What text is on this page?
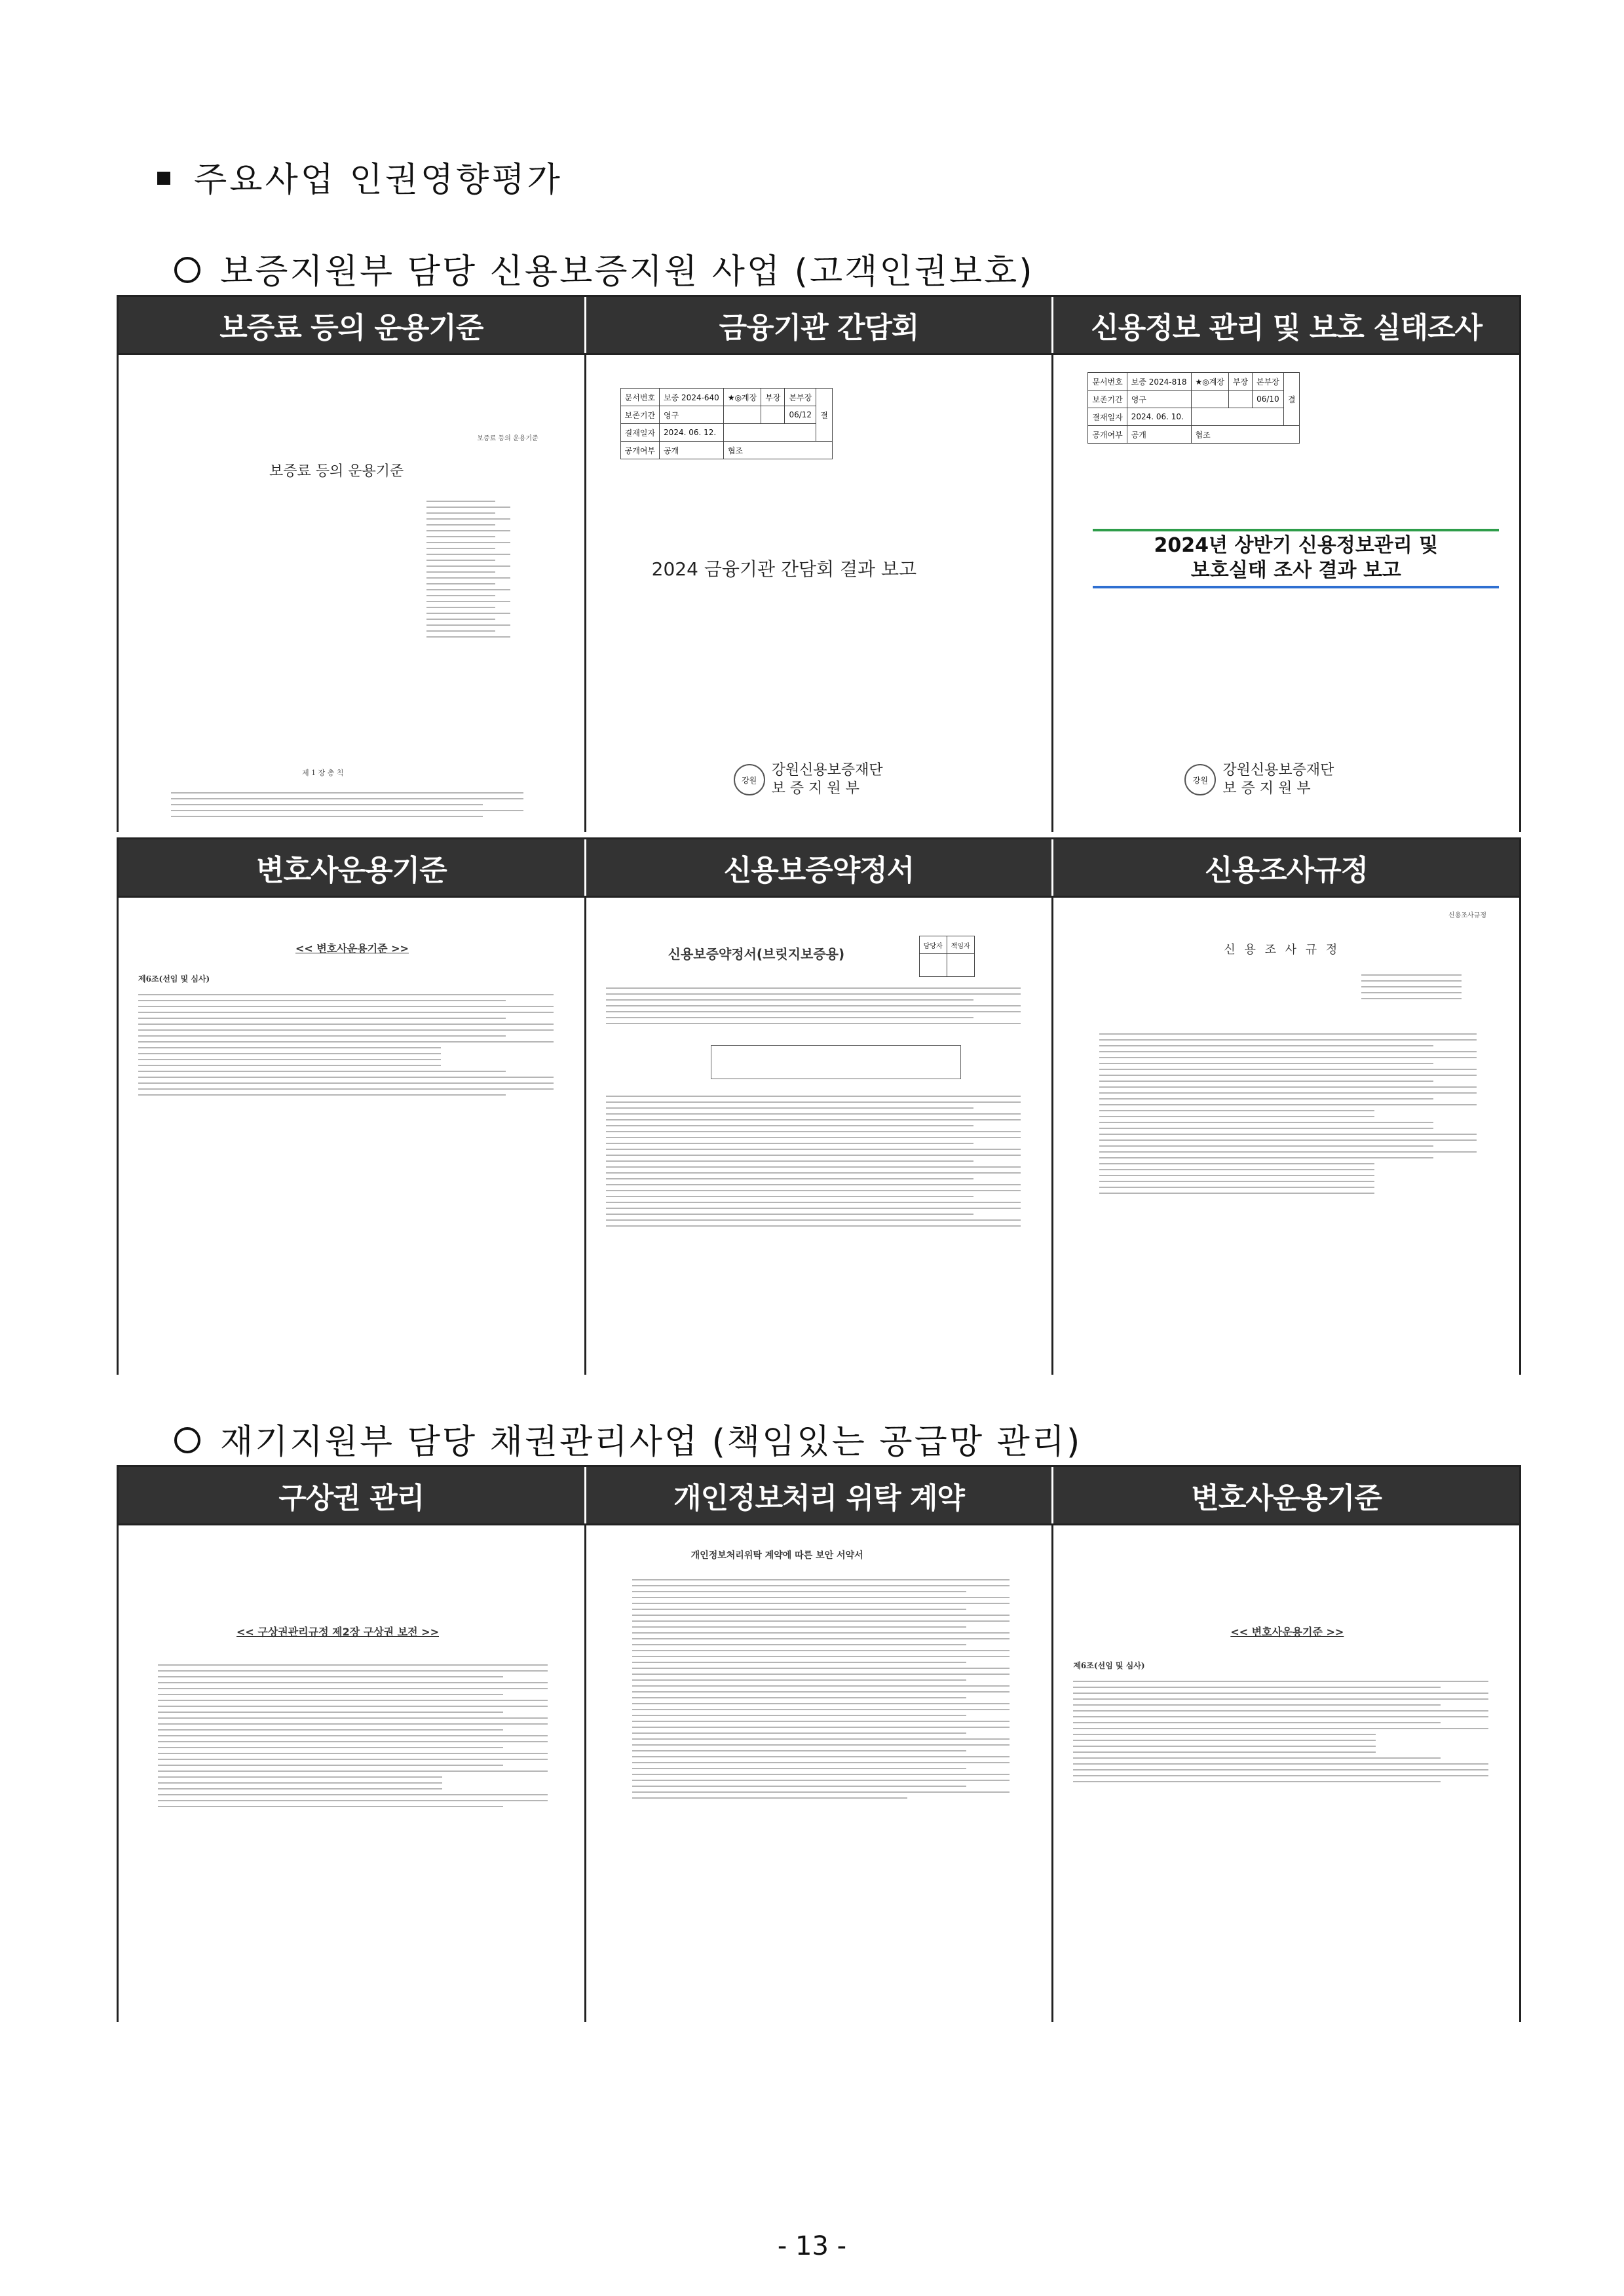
주요사업 인권영향평가
보증지원부 담당 신용보증지원 사업 (고객인권보호)
보증료 등의 운용기준	금융기관 간담회	신용정보 관리 및 보호 실태조사
보증료 등의 운용기준
보증료 등의 운용기준
제 1 장 총 칙
문서번호	보증 2024-640	★◎계장	부장	본부장	결
보존기간	영구			06/12	
결재일자	2024. 06. 12.				
공개여부	공개	협조			
2024 금융기관 간담회 결과 보고
강원
강원신용보증재단
보 증 지 원 부
문서번호	보증 2024-818	★◎계장	부장	본부장	결
보존기간	영구			06/10	
결재일자	2024. 06. 10.				
공개여부	공개	협조			
2024년 상반기 신용정보관리 및
보호실태 조사 결과 보고
강원
강원신용보증재단
보 증 지 원 부
변호사운용기준	신용보증약정서	신용조사규정
<< 변호사운용기준 >>
제6조(선임 및 심사)
신용보증약정서(브릿지보증용)	담당자	책임자

신용조사규정
신 용 조 사 규 정
재기지원부 담당 채권관리사업 (책임있는 공급망 관리)
구상권 관리	개인정보처리 위탁 계약	변호사운용기준
<< 구상권관리규정 제2장 구상권 보전 >>
개인정보처리위탁 계약에 따른 보안 서약서
<< 변호사운용기준 >>
제6조(선임 및 심사)
- 13 -
